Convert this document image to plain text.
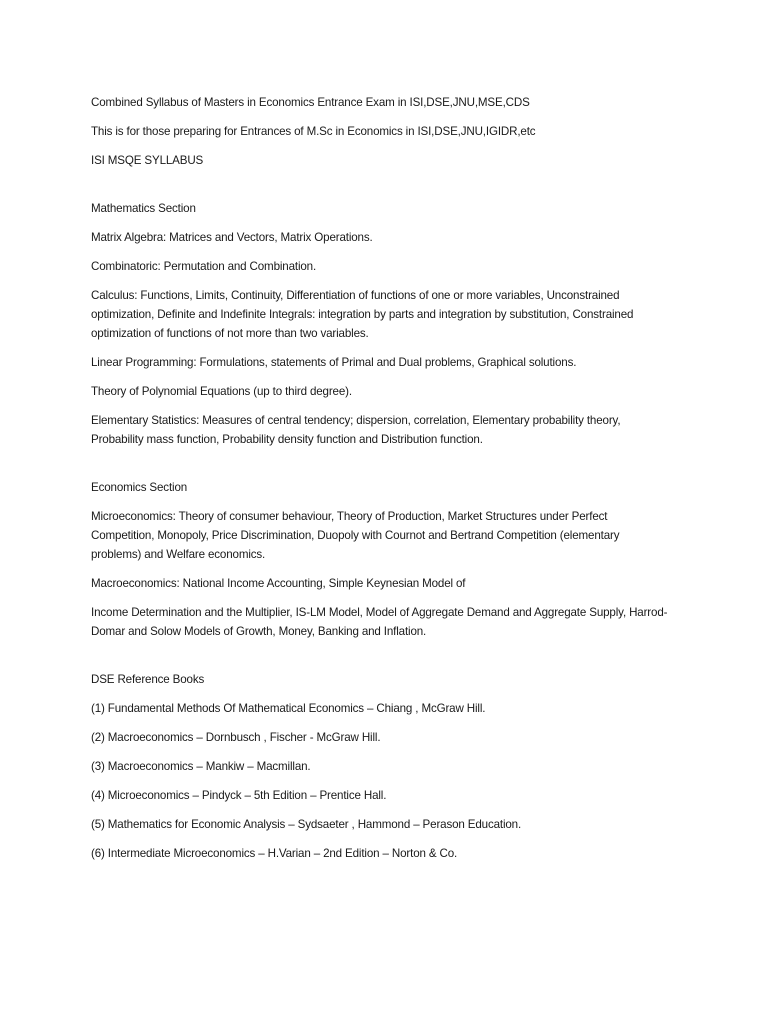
Combined Syllabus of Masters in Economics Entrance Exam in ISI,DSE,JNU,MSE,CDS

This is for those preparing for Entrances of M.Sc in Economics in ISI,DSE,JNU,IGIDR,etc

ISI MSQE SYLLABUS

Mathematics Section

Matrix Algebra: Matrices and Vectors, Matrix Operations.

Combinatoric: Permutation and Combination.

Calculus: Functions, Limits, Continuity, Differentiation of functions of one or more variables, Unconstrained optimization, Definite and Indefinite Integrals: integration by parts and integration by substitution, Constrained optimization of functions of not more than two variables.

Linear Programming: Formulations, statements of Primal and Dual problems, Graphical solutions.

Theory of Polynomial Equations (up to third degree).

Elementary Statistics: Measures of central tendency; dispersion, correlation, Elementary probability theory, Probability mass function, Probability density function and Distribution function.

Economics Section

Microeconomics: Theory of consumer behaviour, Theory of Production, Market Structures under Perfect Competition, Monopoly, Price Discrimination, Duopoly with Cournot and Bertrand Competition (elementary problems) and Welfare economics.

Macroeconomics: National Income Accounting, Simple Keynesian Model of

Income Determination and the Multiplier, IS-LM Model, Model of Aggregate Demand and Aggregate Supply, Harrod-Domar and Solow Models of Growth, Money, Banking and Inflation.

DSE Reference Books

(1) Fundamental Methods Of Mathematical Economics – Chiang , McGraw Hill.

(2) Macroeconomics – Dornbusch , Fischer - McGraw Hill.

(3) Macroeconomics – Mankiw – Macmillan.

(4) Microeconomics – Pindyck – 5th Edition – Prentice Hall.

(5) Mathematics for Economic Analysis – Sydsaeter , Hammond – Perason Education.

(6) Intermediate Microeconomics – H.Varian – 2nd Edition – Norton & Co.
